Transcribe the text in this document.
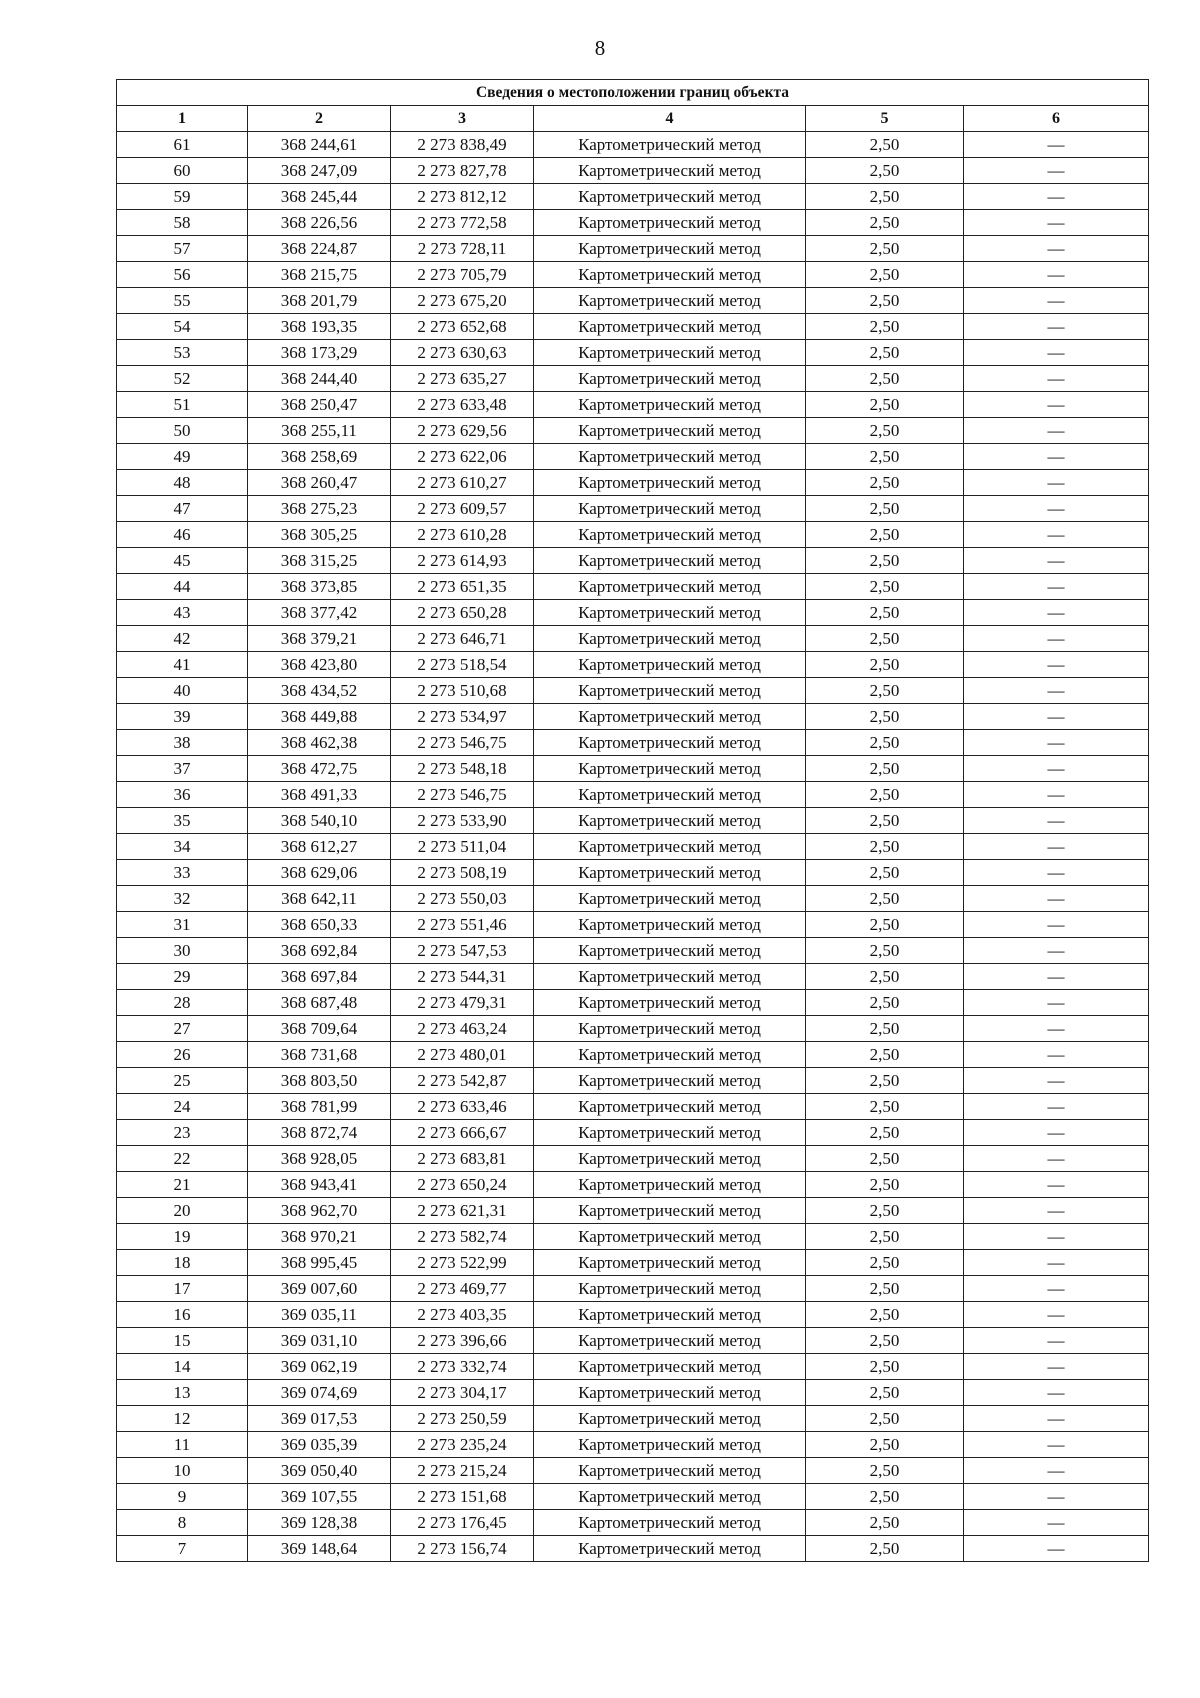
8
Сведения о местоположении границ объекта					
1	2	3	4	5	6
61	368 244,61	2 273 838,49	Картометрический метод	2,50	—
60	368 247,09	2 273 827,78	Картометрический метод	2,50	—
59	368 245,44	2 273 812,12	Картометрический метод	2,50	—
58	368 226,56	2 273 772,58	Картометрический метод	2,50	—
57	368 224,87	2 273 728,11	Картометрический метод	2,50	—
56	368 215,75	2 273 705,79	Картометрический метод	2,50	—
55	368 201,79	2 273 675,20	Картометрический метод	2,50	—
54	368 193,35	2 273 652,68	Картометрический метод	2,50	—
53	368 173,29	2 273 630,63	Картометрический метод	2,50	—
52	368 244,40	2 273 635,27	Картометрический метод	2,50	—
51	368 250,47	2 273 633,48	Картометрический метод	2,50	—
50	368 255,11	2 273 629,56	Картометрический метод	2,50	—
49	368 258,69	2 273 622,06	Картометрический метод	2,50	—
48	368 260,47	2 273 610,27	Картометрический метод	2,50	—
47	368 275,23	2 273 609,57	Картометрический метод	2,50	—
46	368 305,25	2 273 610,28	Картометрический метод	2,50	—
45	368 315,25	2 273 614,93	Картометрический метод	2,50	—
44	368 373,85	2 273 651,35	Картометрический метод	2,50	—
43	368 377,42	2 273 650,28	Картометрический метод	2,50	—
42	368 379,21	2 273 646,71	Картометрический метод	2,50	—
41	368 423,80	2 273 518,54	Картометрический метод	2,50	—
40	368 434,52	2 273 510,68	Картометрический метод	2,50	—
39	368 449,88	2 273 534,97	Картометрический метод	2,50	—
38	368 462,38	2 273 546,75	Картометрический метод	2,50	—
37	368 472,75	2 273 548,18	Картометрический метод	2,50	—
36	368 491,33	2 273 546,75	Картометрический метод	2,50	—
35	368 540,10	2 273 533,90	Картометрический метод	2,50	—
34	368 612,27	2 273 511,04	Картометрический метод	2,50	—
33	368 629,06	2 273 508,19	Картометрический метод	2,50	—
32	368 642,11	2 273 550,03	Картометрический метод	2,50	—
31	368 650,33	2 273 551,46	Картометрический метод	2,50	—
30	368 692,84	2 273 547,53	Картометрический метод	2,50	—
29	368 697,84	2 273 544,31	Картометрический метод	2,50	—
28	368 687,48	2 273 479,31	Картометрический метод	2,50	—
27	368 709,64	2 273 463,24	Картометрический метод	2,50	—
26	368 731,68	2 273 480,01	Картометрический метод	2,50	—
25	368 803,50	2 273 542,87	Картометрический метод	2,50	—
24	368 781,99	2 273 633,46	Картометрический метод	2,50	—
23	368 872,74	2 273 666,67	Картометрический метод	2,50	—
22	368 928,05	2 273 683,81	Картометрический метод	2,50	—
21	368 943,41	2 273 650,24	Картометрический метод	2,50	—
20	368 962,70	2 273 621,31	Картометрический метод	2,50	—
19	368 970,21	2 273 582,74	Картометрический метод	2,50	—
18	368 995,45	2 273 522,99	Картометрический метод	2,50	—
17	369 007,60	2 273 469,77	Картометрический метод	2,50	—
16	369 035,11	2 273 403,35	Картометрический метод	2,50	—
15	369 031,10	2 273 396,66	Картометрический метод	2,50	—
14	369 062,19	2 273 332,74	Картометрический метод	2,50	—
13	369 074,69	2 273 304,17	Картометрический метод	2,50	—
12	369 017,53	2 273 250,59	Картометрический метод	2,50	—
11	369 035,39	2 273 235,24	Картометрический метод	2,50	—
10	369 050,40	2 273 215,24	Картометрический метод	2,50	—
9	369 107,55	2 273 151,68	Картометрический метод	2,50	—
8	369 128,38	2 273 176,45	Картометрический метод	2,50	—
7	369 148,64	2 273 156,74	Картометрический метод	2,50	—
